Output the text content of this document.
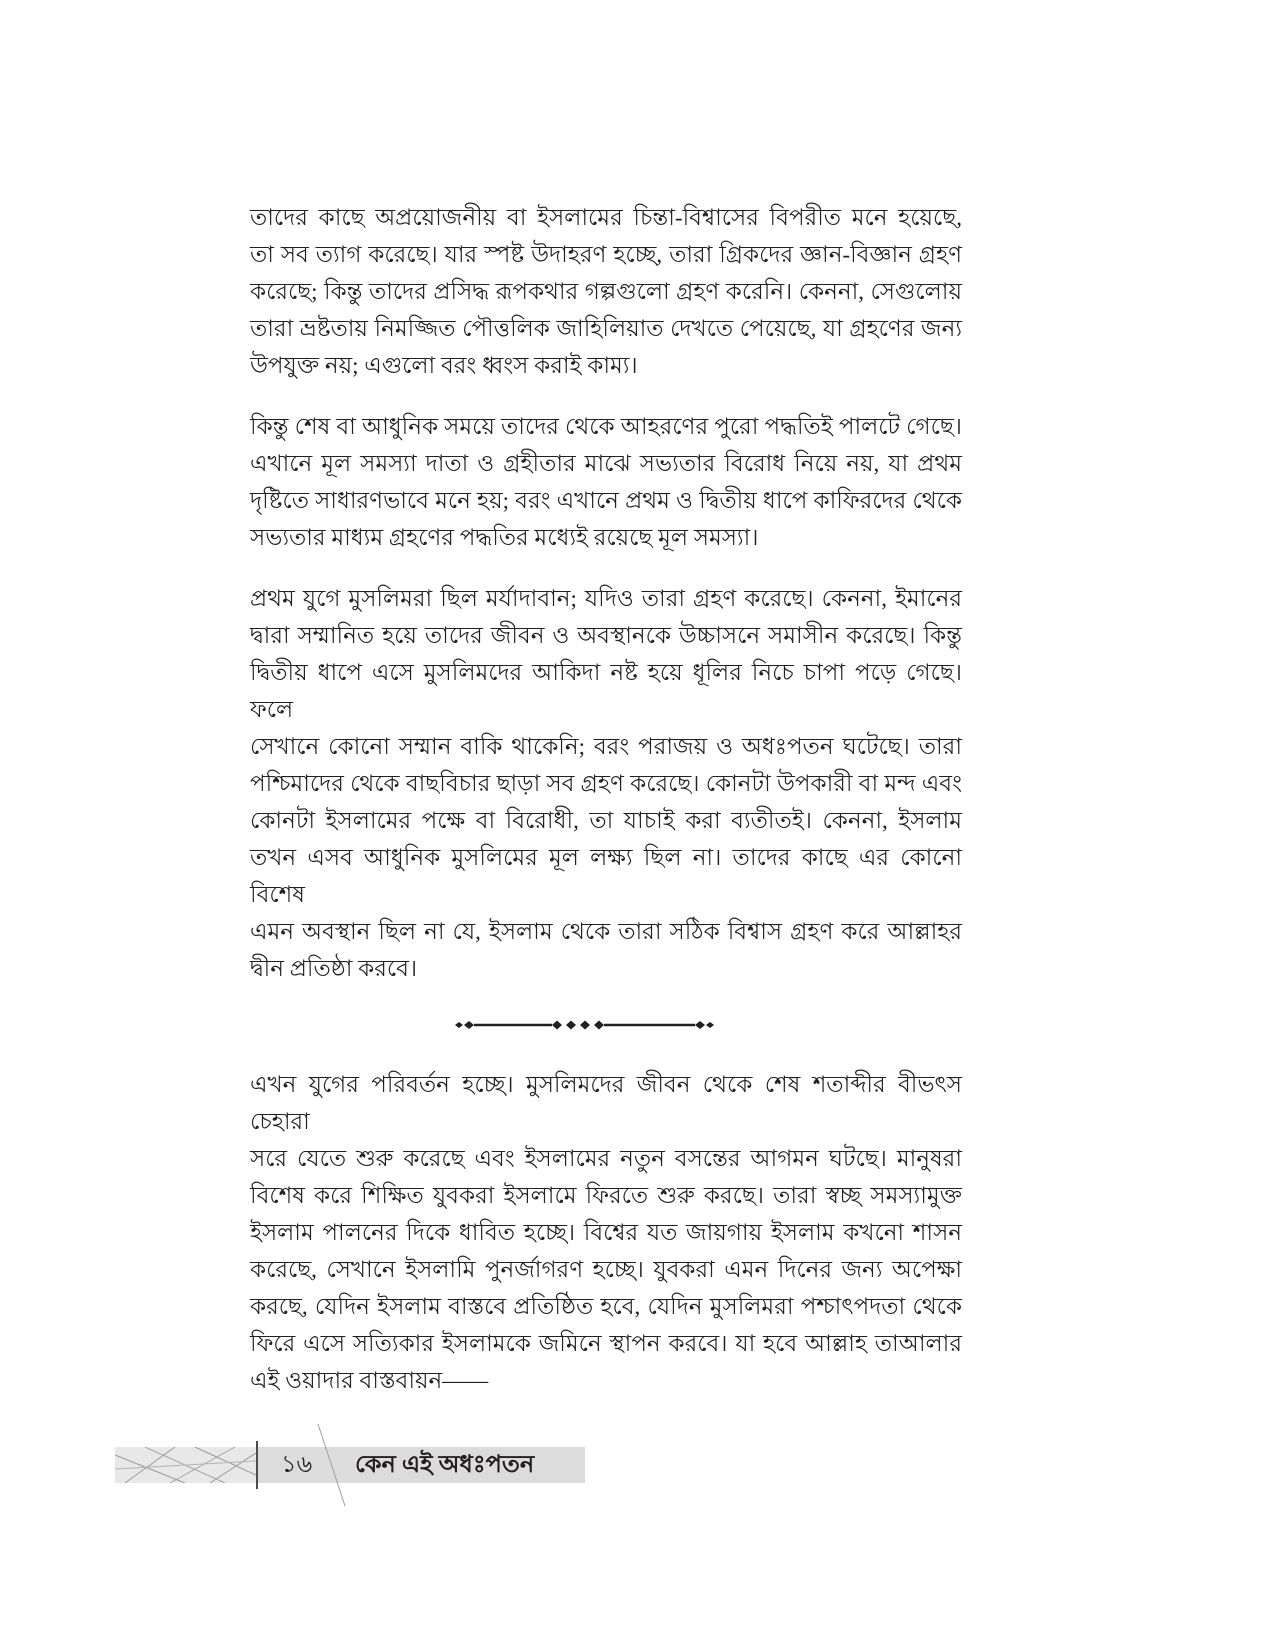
তাদের কাছে অপ্রয়োজনীয় বা ইসলামের চিন্তা-বিশ্বাসের বিপরীত মনে হয়েছে,
তা সব ত্যাগ করেছে। যার স্পষ্ট উদাহরণ হচ্ছে, তারা গ্রিকদের জ্ঞান-বিজ্ঞান গ্রহণ
করেছে; কিন্তু তাদের প্রসিদ্ধ রূপকথার গল্পগুলো গ্রহণ করেনি। কেননা, সেগুলোয়
তারা ভ্রষ্টতায় নিমজ্জিত পৌত্তলিক জাহিলিয়াত দেখতে পেয়েছে, যা গ্রহণের জন্য
উপযুক্ত নয়; এগুলো বরং ধ্বংস করাই কাম্য।
কিন্তু শেষ বা আধুনিক সময়ে তাদের থেকে আহরণের পুরো পদ্ধতিই পালটে গেছে।
এখানে মূল সমস্যা দাতা ও গ্রহীতার মাঝে সভ্যতার বিরোধ নিয়ে নয়, যা প্রথম
দৃষ্টিতে সাধারণভাবে মনে হয়; বরং এখানে প্রথম ও দ্বিতীয় ধাপে কাফিরদের থেকে
সভ্যতার মাধ্যম গ্রহণের পদ্ধতির মধ্যেই রয়েছে মূল সমস্যা।
প্রথম যুগে মুসলিমরা ছিল মর্যাদাবান; যদিও তারা গ্রহণ করেছে। কেননা, ইমানের
দ্বারা সম্মানিত হয়ে তাদের জীবন ও অবস্থানকে উচ্চাসনে সমাসীন করেছে। কিন্তু
দ্বিতীয় ধাপে এসে মুসলিমদের আকিদা নষ্ট হয়ে ধূলির নিচে চাপা পড়ে গেছে। ফলে
সেখানে কোনো সম্মান বাকি থাকেনি; বরং পরাজয় ও অধঃপতন ঘটেছে। তারা
পশ্চিমাদের থেকে বাছবিচার ছাড়া সব গ্রহণ করেছে। কোনটা উপকারী বা মন্দ এবং
কোনটা ইসলামের পক্ষে বা বিরোধী, তা যাচাই করা ব্যতীতই। কেননা, ইসলাম
তখন এসব আধুনিক মুসলিমের মূল লক্ষ্য ছিল না। তাদের কাছে এর কোনো বিশেষ
এমন অবস্থান ছিল না যে, ইসলাম থেকে তারা সঠিক বিশ্বাস গ্রহণ করে আল্লাহর
দ্বীন প্রতিষ্ঠা করবে।
এখন যুগের পরিবর্তন হচ্ছে। মুসলিমদের জীবন থেকে শেষ শতাব্দীর বীভৎস চেহারা
সরে যেতে শুরু করেছে এবং ইসলামের নতুন বসন্তের আগমন ঘটছে। মানুষরা
বিশেষ করে শিক্ষিত যুবকরা ইসলামে ফিরতে শুরু করছে। তারা স্বচ্ছ সমস্যামুক্ত
ইসলাম পালনের দিকে ধাবিত হচ্ছে। বিশ্বের যত জায়গায় ইসলাম কখনো শাসন
করেছে, সেখানে ইসলামি পুনর্জাগরণ হচ্ছে। যুবকরা এমন দিনের জন্য অপেক্ষা
করছে, যেদিন ইসলাম বাস্তবে প্রতিষ্ঠিত হবে, যেদিন মুসলিমরা পশ্চাৎপদতা থেকে
ফিরে এসে সত্যিকার ইসলামকে জমিনে স্থাপন করবে। যা হবে আল্লাহ তাআলার
এই ওয়াদার বাস্তবায়ন——
১৬ কেন এই অধঃপতন
